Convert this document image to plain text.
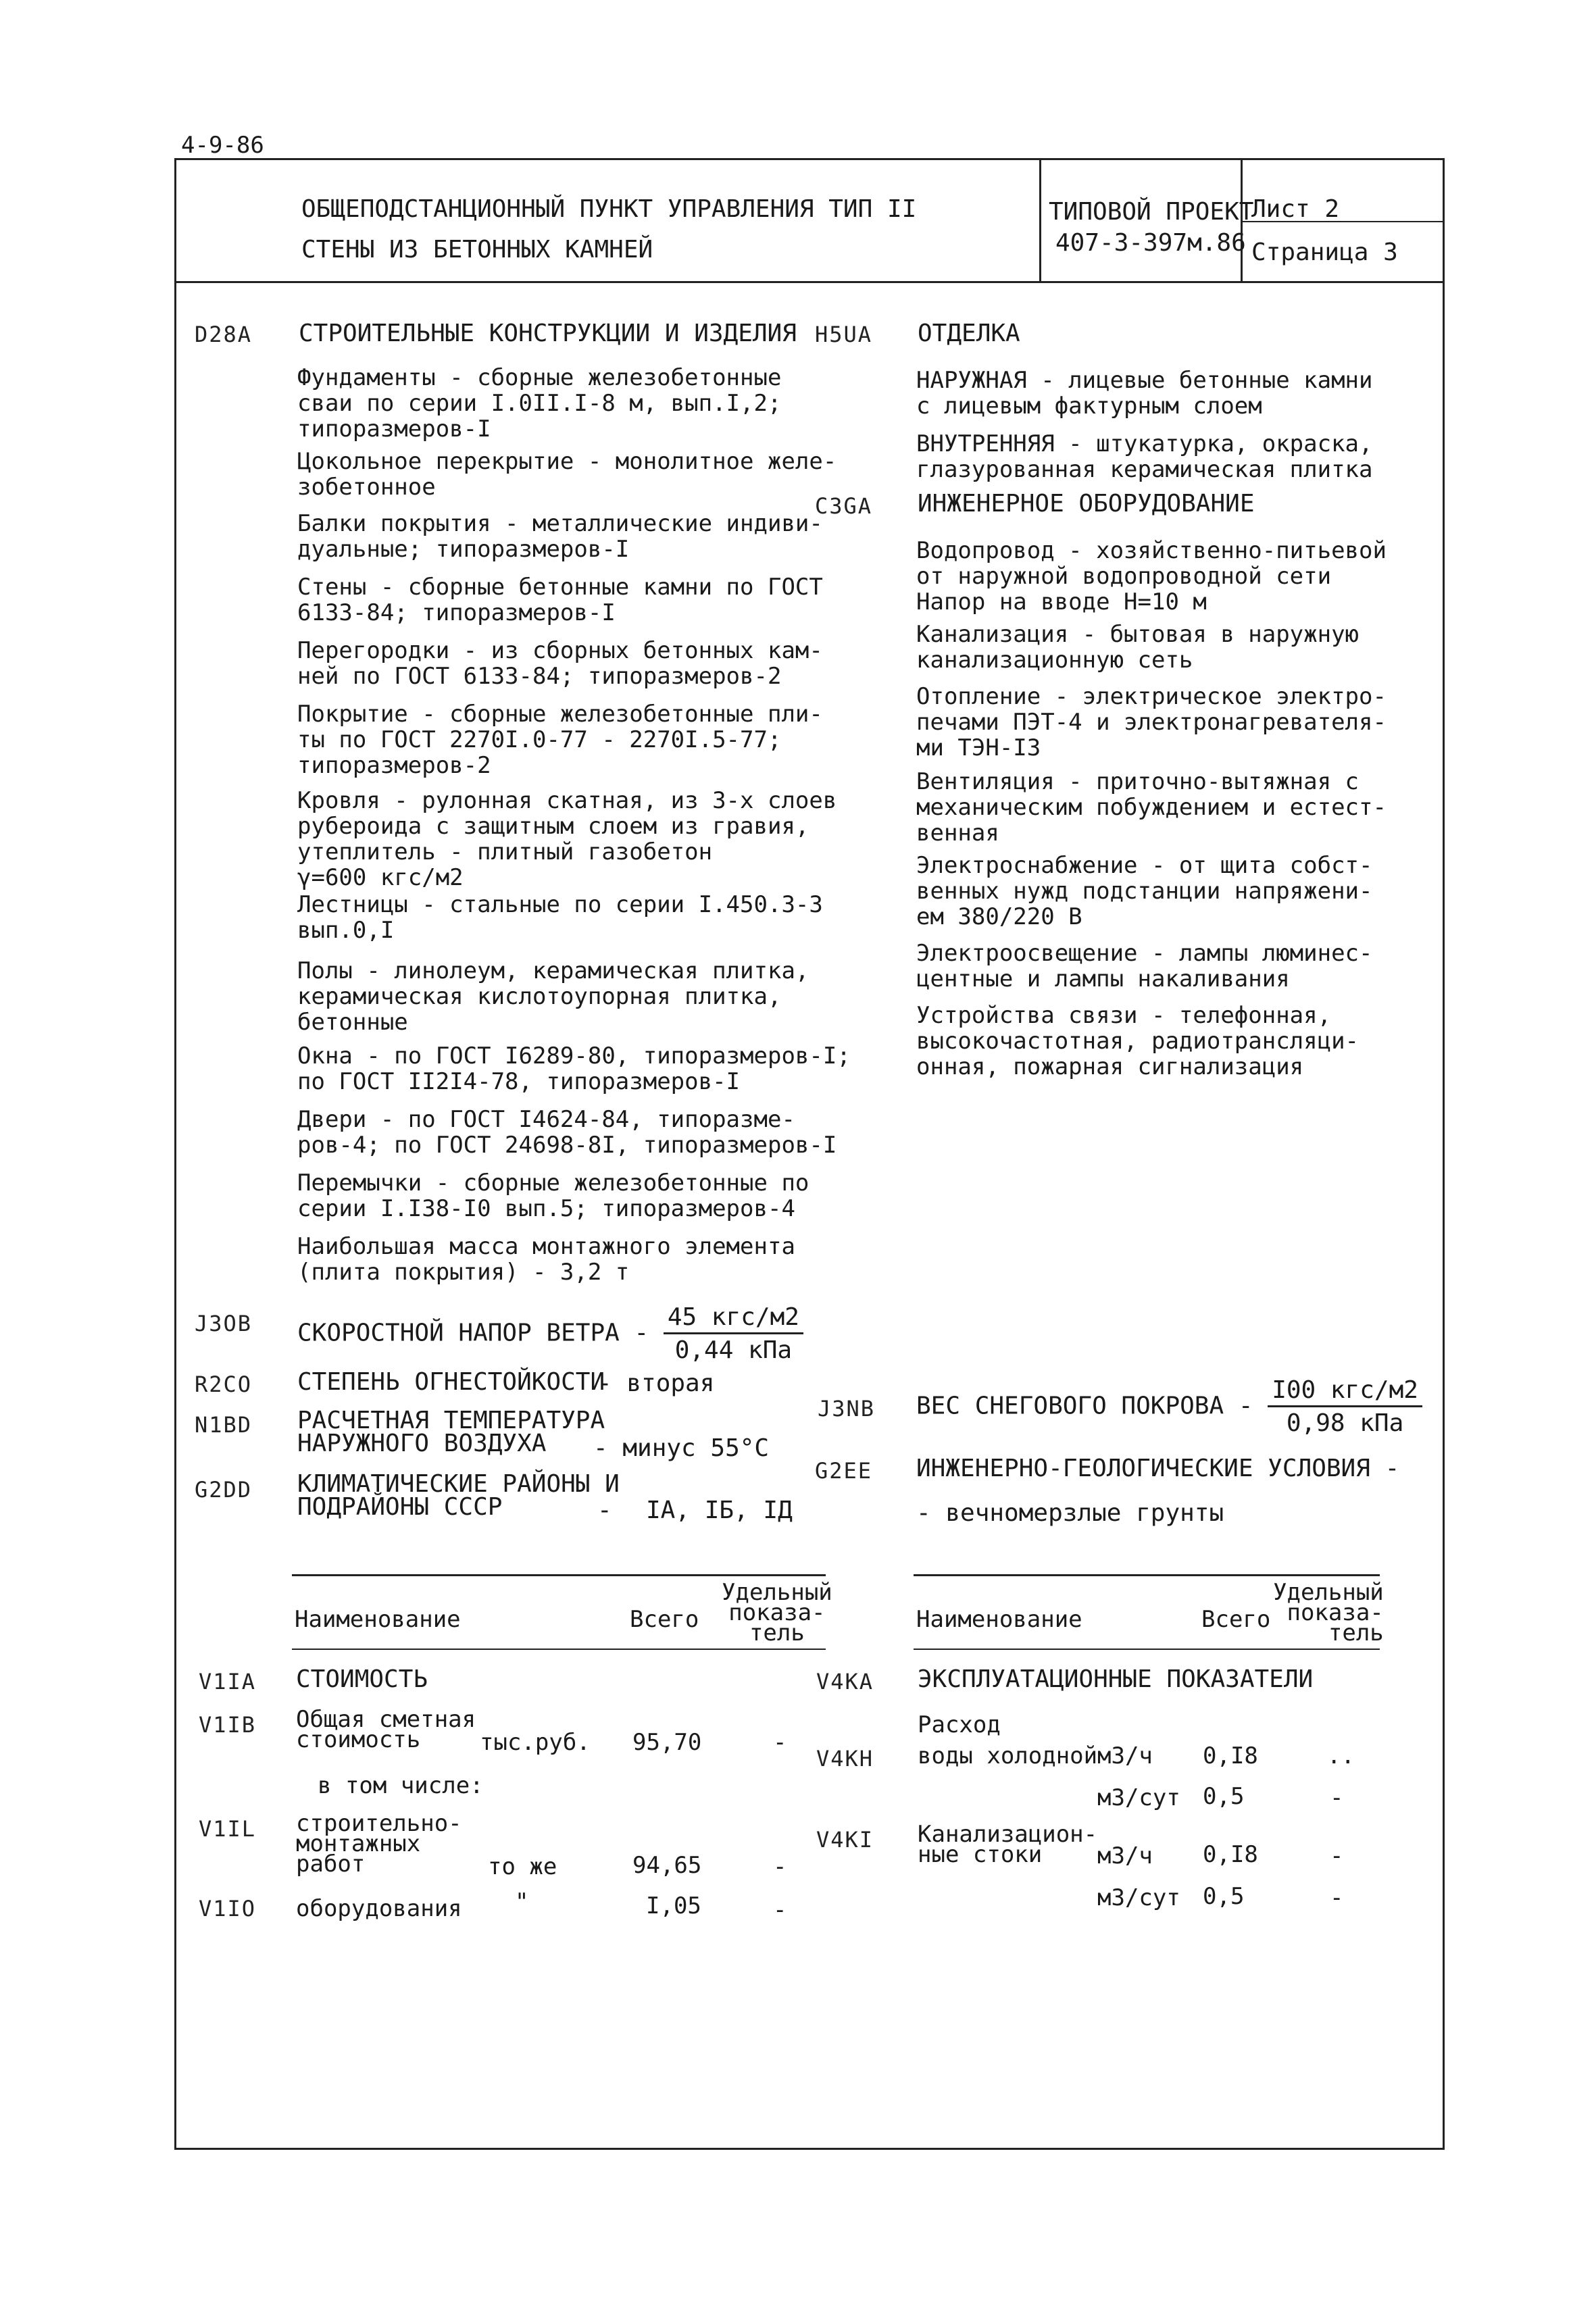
4-9-86
ОБЩЕПОДСТАНЦИОННЫЙ ПУНКТ УПРАВЛЕНИЯ ТИП II
СТЕНЫ ИЗ БЕТОННЫХ КАМНЕЙ
ТИПОВОЙ ПРОЕКТ
407-3-397м.86
Лист 2
Страница 3
D28A СТРОИТЕЛЬНЫЕ КОНСТРУКЦИИ И ИЗДЕЛИЯ
Фундаменты - сборные железобетонные
сваи по серии I.0II.I-8 м, вып.I,2;
типоразмеров-I
Цокольное перекрытие - монолитное желе-
зобетонное
Балки покрытия - металлические индиви-
дуальные; типоразмеров-I
Стены - сборные бетонные камни по ГОСТ
6133-84; типоразмеров-I
Перегородки - из сборных бетонных кам-
ней по ГОСТ 6133-84; типоразмеров-2
Покрытие - сборные железобетонные пли-
ты по ГОСТ 2270I.0-77 - 2270I.5-77;
типоразмеров-2
Кровля - рулонная скатная, из 3-х слоев
рубероида с защитным слоем из гравия,
утеплитель - плитный газобетон
γ=600 кгс/м2
Лестницы - стальные по серии I.450.3-3
вып.0,I
Полы - линолеум, керамическая плитка,
керамическая кислотоупорная плитка,
бетонные
Окна - по ГОСТ I6289-80, типоразмеров-I;
по ГОСТ II2I4-78, типоразмеров-I
Двери - по ГОСТ I4624-84, типоразме-
ров-4; по ГОСТ 24698-8I, типоразмеров-I
Перемычки - сборные железобетонные по
серии I.I38-I0 вып.5; типоразмеров-4
Наибольшая масса монтажного элемента
(плита покрытия) - 3,2 т
J3OB СКОРОСТНОЙ НАПОР ВЕТРА - $\frac{\text{45 кгс/м2}}{\text{0,44 кПа}}$
R2CO СТЕПЕНЬ ОГНЕСТОЙКОСТИ
- вторая
N1BD РАСЧЕТНАЯ ТЕМПЕРАТУРА
НАРУЖНОГО ВОЗДУХА	- минус 55°С
G2DD КЛИМАТИЧЕСКИЕ РАЙОНЫ И
ПОДРАЙОНЫ СССР	- IА, IБ, IД
H5UA ОТДЕЛКА
НАРУЖНАЯ - лицевые бетонные камни
с лицевым фактурным слоем
ВНУТРЕННЯЯ - штукатурка, окраска,
глазурованная керамическая плитка
C3GA ИНЖЕНЕРНОЕ ОБОРУДОВАНИЕ
Водопровод - хозяйственно-питьевой
от наружной водопроводной сети
Напор на вводе Н=10 м
Канализация - бытовая в наружную
канализационную сеть
Отопление - электрическое электро-
печами ПЭТ-4 и электронагревателя-
ми ТЭН-I3
Вентиляция - приточно-вытяжная с
механическим побуждением и естест-
венная
Электроснабжение - от щита собст-
венных нужд подстанции напряжени-
ем 380/220 В
Электроосвещение - лампы люминес-
центные и лампы накаливания
Устройства связи - телефонная,
высокочастотная, радиотрансляци-
онная, пожарная сигнализация
J3NB ВЕС СНЕГОВОГО ПОКРОВА - $\frac{\text{I00 кгс/м2}}{\text{0,98 кПа}}$
G2EE ИНЖЕНЕРНО-ГЕОЛОГИЧЕСКИЕ УСЛОВИЯ -
- вечномерзлые грунты
Наименование	Всего
Удельный
показа-
тель
V1IA СТОИМОСТЬ
V1IB Общая сметная
стоимость	тыс.руб. 95,70	-
в том числе:
V1IL строительно-
монтажных
работ	то же	94,65	-
V1IO оборудования "	I,05	-
Наименование	Всего
Удельный
показа-
тель
V4KA ЭКСПЛУАТАЦИОННЫЕ ПОКАЗАТЕЛИ
Расход
V4KH воды холодной м3/ч 0,I8	..
м3/сут 0,5	-
V4KI Канализацион-
ные стоки	м3/ч 0,I8	-
м3/сут 0,5	-
